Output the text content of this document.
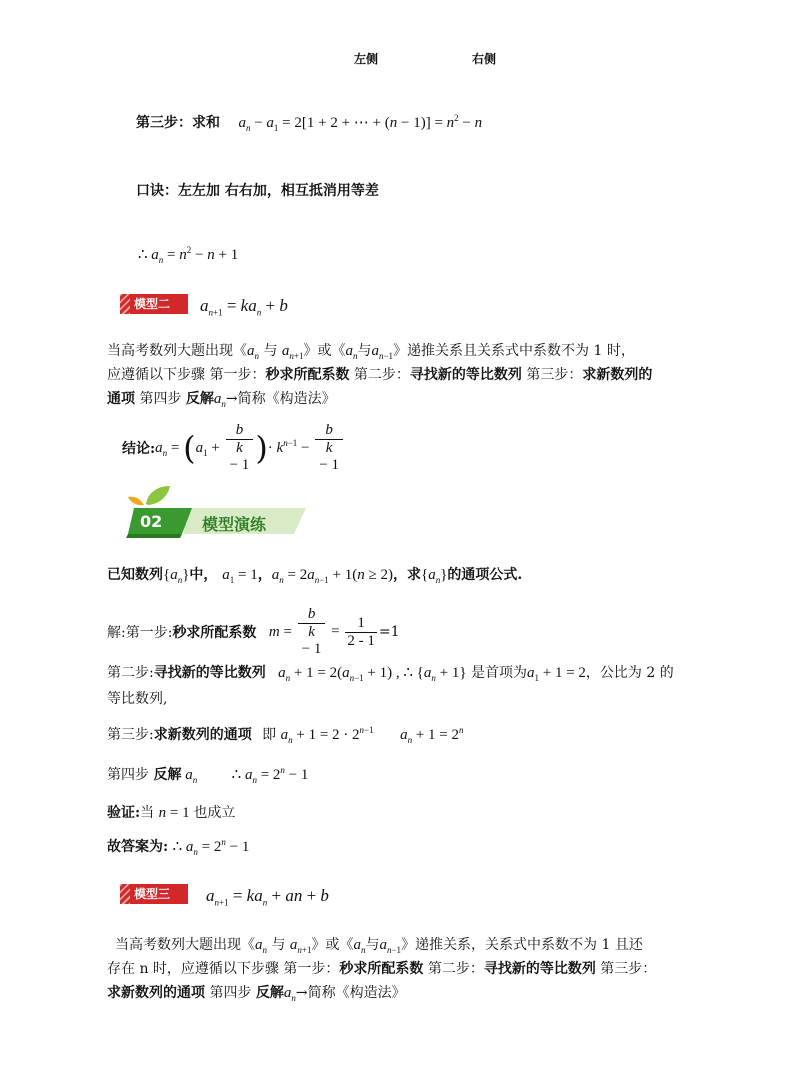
左侧	右侧
第三步：求和 $a_n - a_1 = 2[1 + 2$ + ⋯ + $(n - 1)] = n^2 - n$
口诀：左左加 右右加，相互抵消用等差
∴ $a_n = n^2 - n + 1$
模型二	$a_{n+1} = ka_n + b$
当高考数列大题出现《$a_n$ 与 $a_{n+1}$》或《$a_n$与$a_{n-1}$》递推关系且关系式中系数不为 1 时，
应遵循以下步骤 第一步：秒求所配系数 第二步：寻找新的等比数列 第三步：求新数列的
通项 第四步 反解$a_n\to$简称《构造法》
结论$:a_n = (a_1 + b$
k
− 1 )· $k^{n-1} - b$
k
− 1
02 模型演练
已知数列$\{a_n\}$中， $a_1 = 1$，$a_n = 2a_{n-1} + 1(n \ge 2)$，求$\{a_n\}$的通项公式.
解:第一步:秒求所配系数 m = b
k
− $1 = \frac{1}{2 - 1} =1$
第二步:寻找新的等比数列 $a_n + 1 = 2(a_{n-1} + 1)$ , ∴ $\{a_n + 1\}$ 是首项为$a_1 + 1 = 2$，公比为 2 的
等比数列,
第三步:求新数列的通项 即 $a_n + 1 = 2 \cdot 2^{n-1}$ $a_n + 1 = 2^n$
第四步 反解 $a_n$ ∴ $a_n = 2^n - 1$
验证:当 n = 1 也成立
故答案为: ∴ $a_n = 2^n - 1$
模型三	$a_{n+1} = ka_n$ + an + b
当高考数列大题出现《$a_n$ 与 $a_{n+1}$》或《$a_n$与$a_{n-1}$》递推关系，关系式中系数不为 1 且还
存在 n 时，应遵循以下步骤 第一步：秒求所配系数 第二步：寻找新的等比数列 第三步：
求新数列的通项 第四步 反解$a_n\to$简称《构造法》
